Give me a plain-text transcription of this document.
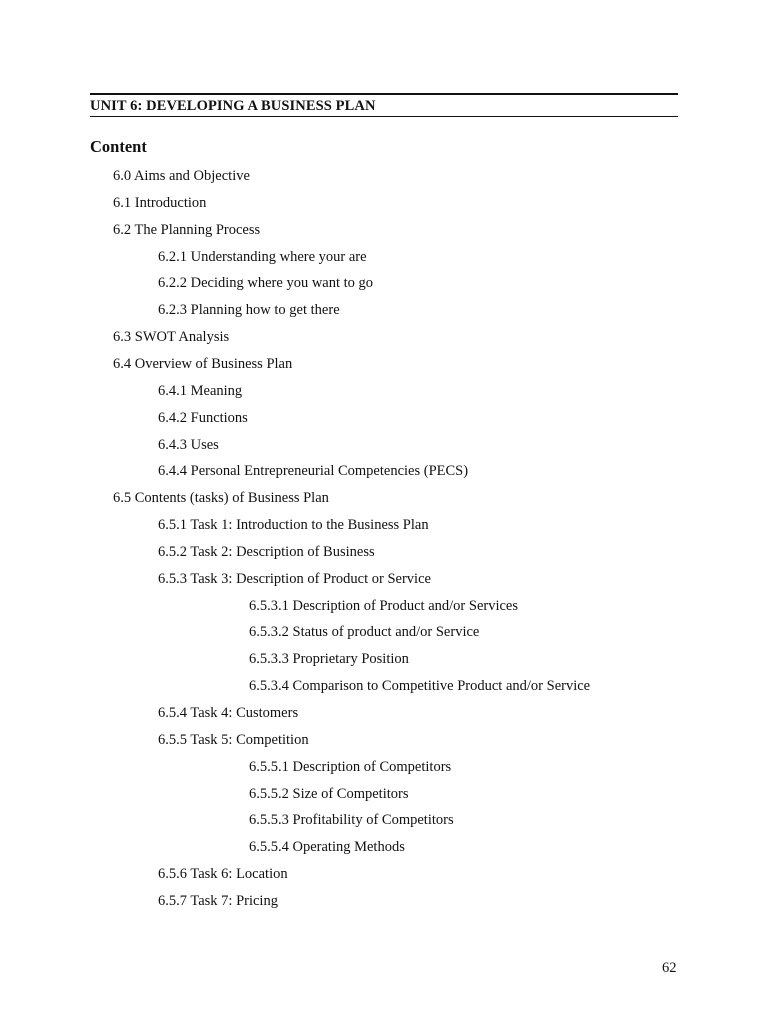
UNIT 6: DEVELOPING A BUSINESS PLAN
Content
6.0 Aims and Objective
6.1 Introduction
6.2 The Planning Process
6.2.1 Understanding where your are
6.2.2 Deciding where you want to go
6.2.3 Planning how to get there
6.3 SWOT Analysis
6.4 Overview of Business Plan
6.4.1 Meaning
6.4.2 Functions
6.4.3 Uses
6.4.4 Personal Entrepreneurial Competencies (PECS)
6.5 Contents (tasks) of Business Plan
6.5.1 Task 1: Introduction to the Business Plan
6.5.2 Task 2: Description of Business
6.5.3 Task 3: Description of Product or Service
6.5.3.1 Description of Product and/or Services
6.5.3.2 Status of product and/or Service
6.5.3.3 Proprietary Position
6.5.3.4 Comparison to Competitive Product and/or Service
6.5.4 Task 4: Customers
6.5.5 Task 5: Competition
6.5.5.1 Description of Competitors
6.5.5.2 Size of Competitors
6.5.5.3 Profitability of Competitors
6.5.5.4 Operating Methods
6.5.6 Task 6: Location
6.5.7 Task 7: Pricing
62
